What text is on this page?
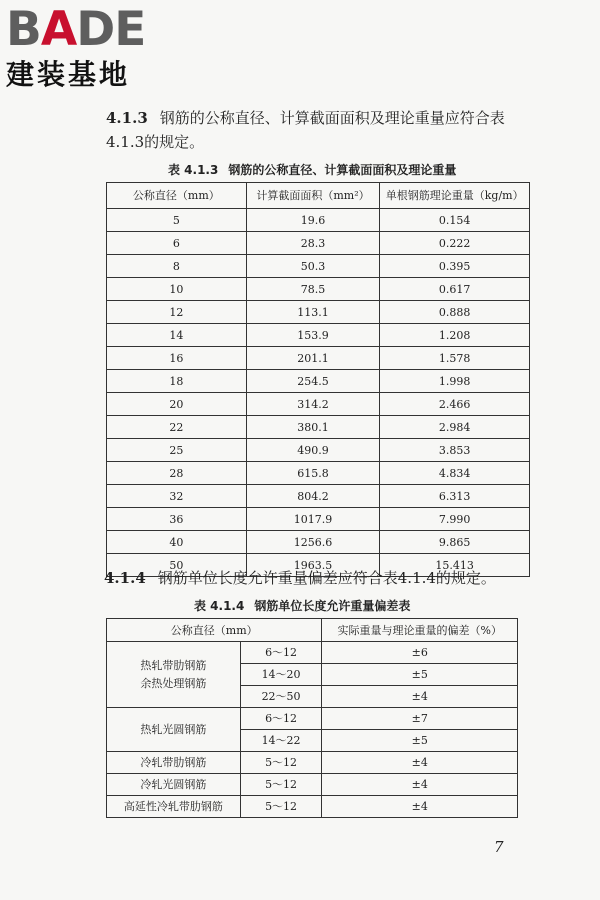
BADE
建装基地
4.1.3 钢筋的公称直径、计算截面面积及理论重量应符合表4.1.3的规定。
表 4.1.3 钢筋的公称直径、计算截面面积及理论重量
公称直径（mm）	计算截面面积（mm²）	单根钢筋理论重量（kg/m）
5	19.6	0.154
6	28.3	0.222
8	50.3	0.395
10	78.5	0.617
12	113.1	0.888
14	153.9	1.208
16	201.1	1.578
18	254.5	1.998
20	314.2	2.466
22	380.1	2.984
25	490.9	3.853
28	615.8	4.834
32	804.2	6.313
36	1017.9	7.990
40	1256.6	9.865
50	1963.5	15.413
4.1.4 钢筋单位长度允许重量偏差应符合表4.1.4的规定。
表 4.1.4 钢筋单位长度允许重量偏差表
公称直径（mm）		实际重量与理论重量的偏差（%）

热轧带肋钢筋
余热处理钢筋	6～12	±6
	14～20	±5
	22～50	±4

热轧光圆钢筋	6～12	±7
	14～22	±5

冷轧带肋钢筋	5～12	±4

冷轧光圆钢筋	5～12	±4

高延性冷轧带肋钢筋	5～12	±4
7
